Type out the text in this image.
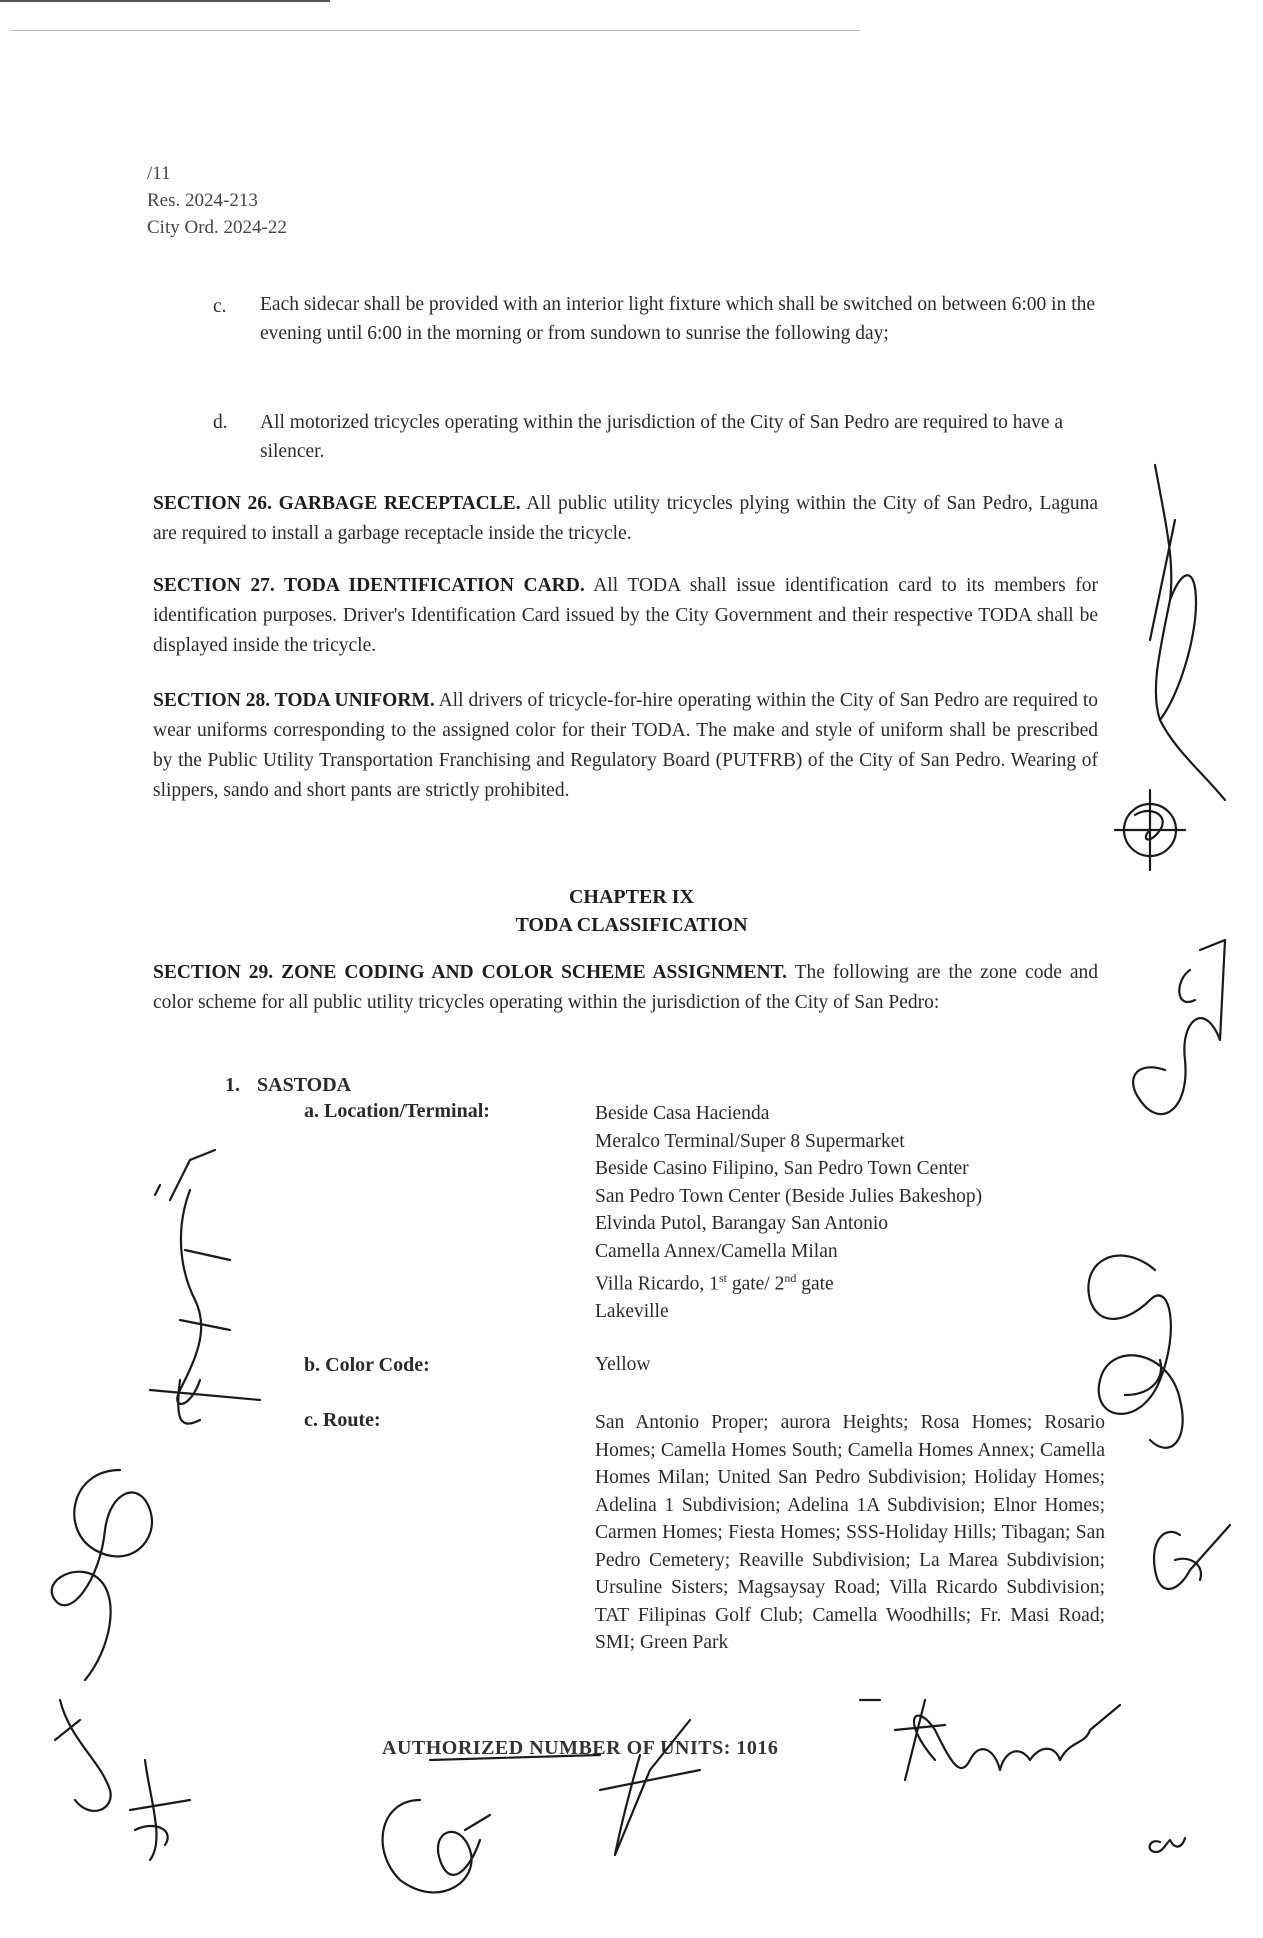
/11
Res. 2024-213
City Ord. 2024-22
c. Each sidecar shall be provided with an interior light fixture which shall be switched on between 6:00 in the evening until 6:00 in the morning or from sundown to sunrise the following day;
d. All motorized tricycles operating within the jurisdiction of the City of San Pedro are required to have a silencer.
SECTION 26. GARBAGE RECEPTACLE. All public utility tricycles plying within the City of San Pedro, Laguna are required to install a garbage receptacle inside the tricycle.
SECTION 27. TODA IDENTIFICATION CARD. All TODA shall issue identification card to its members for identification purposes. Driver's Identification Card issued by the City Government and their respective TODA shall be displayed inside the tricycle.
SECTION 28. TODA UNIFORM. All drivers of tricycle-for-hire operating within the City of San Pedro are required to wear uniforms corresponding to the assigned color for their TODA. The make and style of uniform shall be prescribed by the Public Utility Transportation Franchising and Regulatory Board (PUTFRB) of the City of San Pedro. Wearing of slippers, sando and short pants are strictly prohibited.
CHAPTER IX
TODA CLASSIFICATION
SECTION 29. ZONE CODING AND COLOR SCHEME ASSIGNMENT. The following are the zone code and color scheme for all public utility tricycles operating within the jurisdiction of the City of San Pedro:
1. SASTODA
a. Location/Terminal:	Beside Casa Hacienda
Meralco Terminal/Super 8 Supermarket
Beside Casino Filipino, San Pedro Town Center
San Pedro Town Center (Beside Julies Bakeshop)
Elvinda Putol, Barangay San Antonio
Camella Annex/Camella Milan
Villa Ricardo, 1st gate/ 2nd gate
Lakeville
b. Color Code:	Yellow
c. Route:	San Antonio Proper; aurora Heights; Rosa Homes; Rosario Homes; Camella Homes South; Camella Homes Annex; Camella Homes Milan; United San Pedro Subdivision; Holiday Homes; Adelina 1 Subdivision; Adelina 1A Subdivision; Elnor Homes; Carmen Homes; Fiesta Homes; SSS-Holiday Hills; Tibagan; San Pedro Cemetery; Reaville Subdivision; La Marea Subdivision; Ursuline Sisters; Magsaysay Road; Villa Ricardo Subdivision; TAT Filipinas Golf Club; Camella Woodhills; Fr. Masi Road; SMI; Green Park
AUTHORIZED NUMBER OF UNITS: 1016
